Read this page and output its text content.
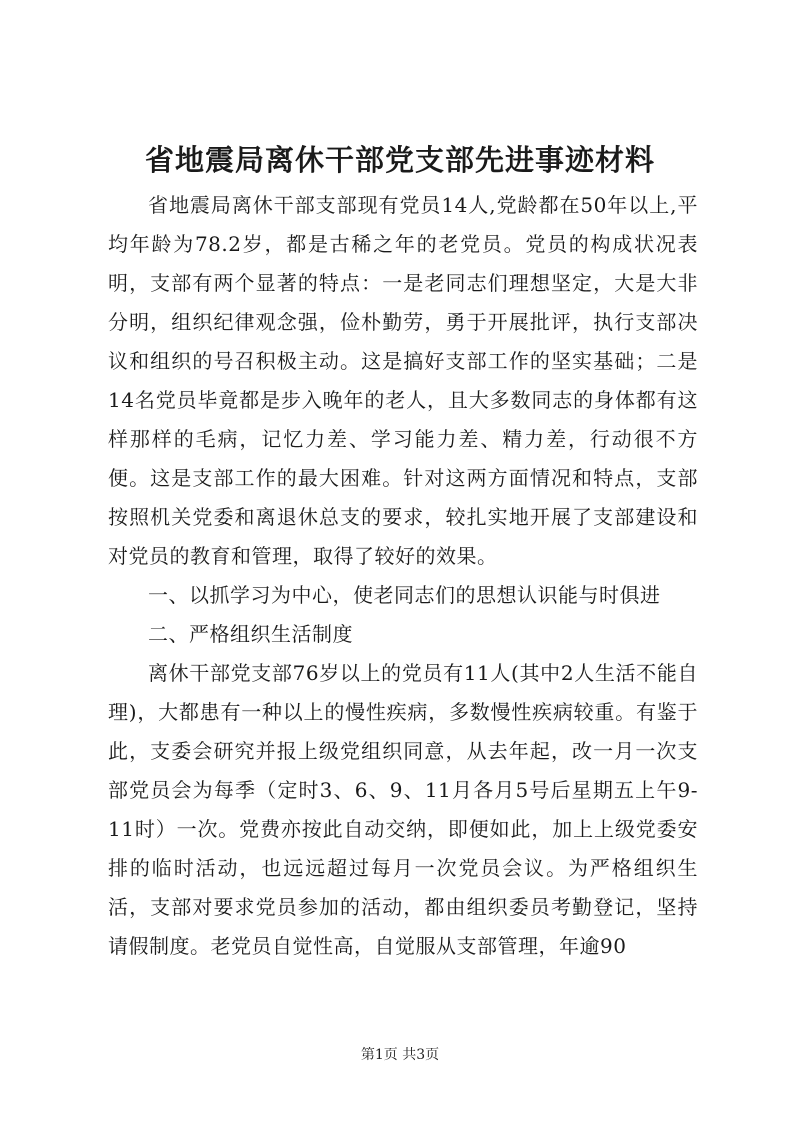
省地震局离休干部党支部先进事迹材料

省地震局离休干部支部现有党员14人,党龄都在50年以上,平均年龄为78.2岁，都是古稀之年的老党员。党员的构成状况表明，支部有两个显著的特点：一是老同志们理想坚定，大是大非分明，组织纪律观念强，俭朴勤劳，勇于开展批评，执行支部决议和组织的号召积极主动。这是搞好支部工作的坚实基础；二是14名党员毕竟都是步入晚年的老人，且大多数同志的身体都有这样那样的毛病，记忆力差、学习能力差、精力差，行动很不方便。这是支部工作的最大困难。针对这两方面情况和特点，支部按照机关党委和离退休总支的要求，较扎实地开展了支部建设和对党员的教育和管理，取得了较好的效果。

一、以抓学习为中心，使老同志们的思想认识能与时俱进

二、严格组织生活制度

离休干部党支部76岁以上的党员有11人(其中2人生活不能自理)，大都患有一种以上的慢性疾病，多数慢性疾病较重。有鉴于此，支委会研究并报上级党组织同意，从去年起，改一月一次支部党员会为每季（定时3、6、9、11月各月5号后星期五上午9-11时）一次。党费亦按此自动交纳，即便如此，加上上级党委安排的临时活动，也远远超过每月一次党员会议。为严格组织生活，支部对要求党员参加的活动，都由组织委员考勤登记，坚持请假制度。老党员自觉性高，自觉服从支部管理，年逾90

第1页 共3页
